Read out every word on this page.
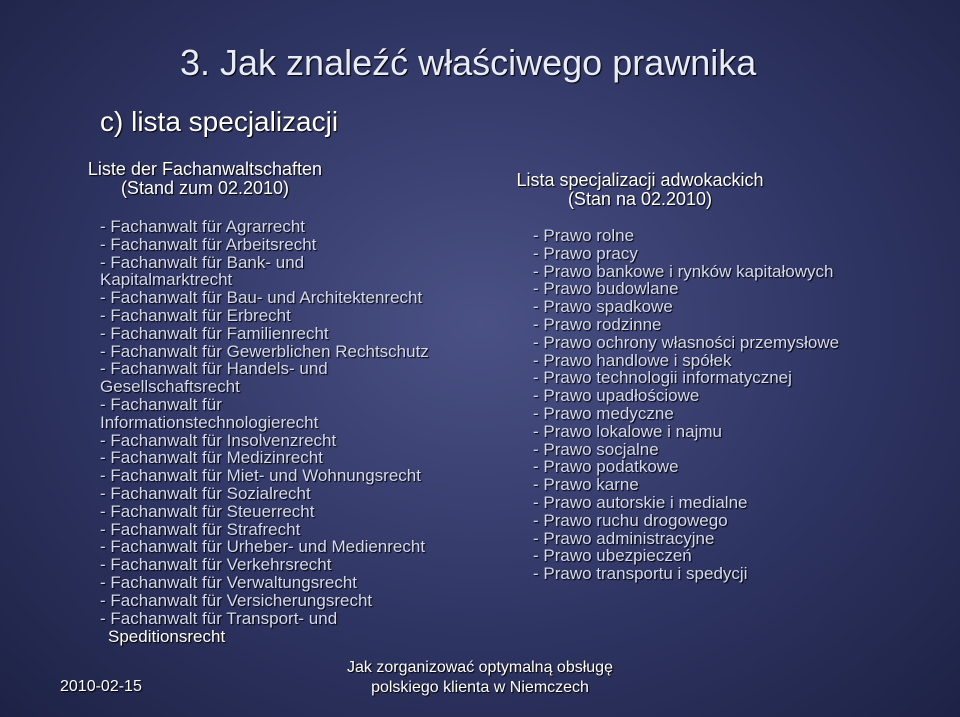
3. Jak znaleźć właściwego prawnika
c) lista specjalizacji
Liste der Fachanwaltschaften
(Stand zum 02.2010)
- Fachanwalt für Agrarrecht
- Fachanwalt für Arbeitsrecht
- Fachanwalt für Bank- und
Kapitalmarktrecht
- Fachanwalt für Bau- und Architektenrecht
- Fachanwalt für Erbrecht
- Fachanwalt für Familienrecht
- Fachanwalt für Gewerblichen Rechtschutz
- Fachanwalt für Handels- und
Gesellschaftsrecht
- Fachanwalt für
Informationstechnologierecht
- Fachanwalt für Insolvenzrecht
- Fachanwalt für Medizinrecht
- Fachanwalt für Miet- und Wohnungsrecht
- Fachanwalt für Sozialrecht
- Fachanwalt für Steuerrecht
- Fachanwalt für Strafrecht
- Fachanwalt für Urheber- und Medienrecht
- Fachanwalt für Verkehrsrecht
- Fachanwalt für Verwaltungsrecht
- Fachanwalt für Versicherungsrecht
- Fachanwalt für Transport- und
Speditionsrecht
Lista specjalizacji adwokackich
(Stan na 02.2010)
- Prawo rolne
- Prawo pracy
- Prawo bankowe i rynków kapitałowych
- Prawo budowlane
- Prawo spadkowe
- Prawo rodzinne
- Prawo ochrony własności przemysłowe
- Prawo handlowe i spółek
- Prawo technologii informatycznej
- Prawo upadłościowe
- Prawo medyczne
- Prawo lokalowe i najmu
- Prawo socjalne
- Prawo podatkowe
- Prawo karne
- Prawo autorskie i medialne
- Prawo ruchu drogowego
- Prawo administracyjne
- Prawo ubezpieczeń
- Prawo transportu i spedycji
2010-02-15
Jak zorganizować optymalną obsługę
polskiego klienta w Niemczech
